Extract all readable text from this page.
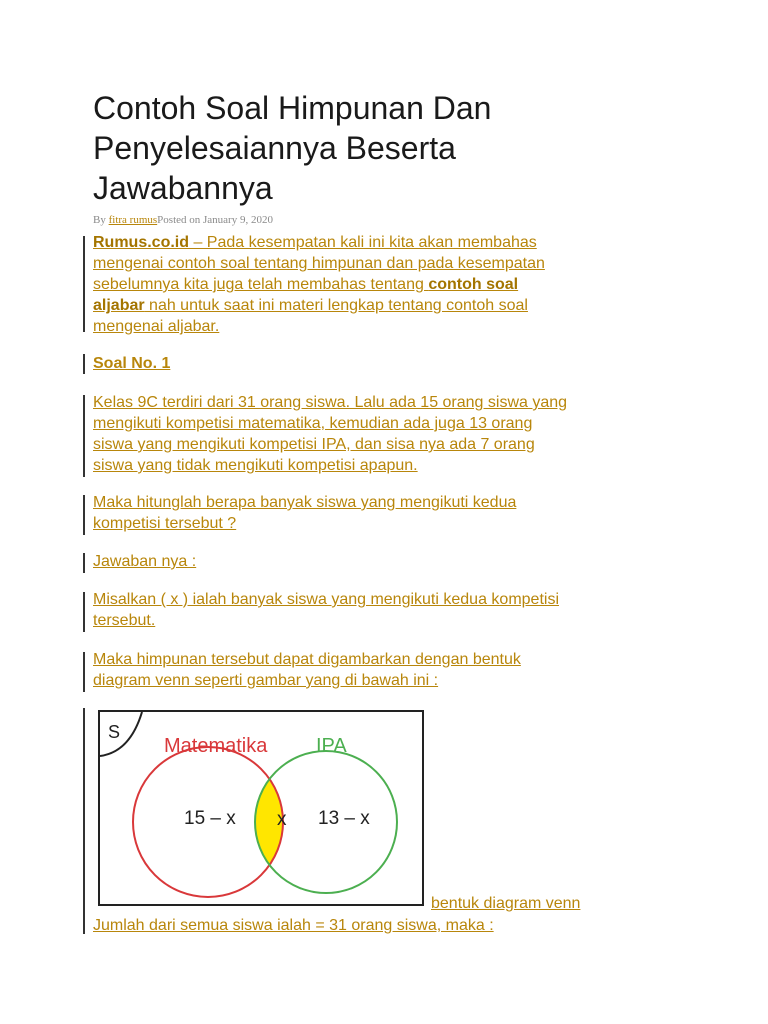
Contoh Soal Himpunan Dan
Penyelesaiannya Beserta
Jawabannya
By fitra rumusPosted on January 9, 2020
Rumus.co.id – Pada kesempatan kali ini kita akan membahas
mengenai contoh soal tentang himpunan dan pada kesempatan
sebelumnya kita juga telah membahas tentang contoh soal
aljabar nah untuk saat ini materi lengkap tentang contoh soal
mengenai aljabar.
Soal No. 1
Kelas 9C terdiri dari 31 orang siswa. Lalu ada 15 orang siswa yang
mengikuti kompetisi matematika, kemudian ada juga 13 orang
siswa yang mengikuti kompetisi IPA, dan sisa nya ada 7 orang
siswa yang tidak mengikuti kompetisi apapun.
Maka hitunglah berapa banyak siswa yang mengikuti kedua
kompetisi tersebut ?
Jawaban nya :
Misalkan ( x ) ialah banyak siswa yang mengikuti kedua kompetisi
tersebut.
Maka himpunan tersebut dapat digambarkan dengan bentuk
diagram venn seperti gambar yang di bawah ini :
S
Matematika IPA
15 – x x 13 – x
bentuk diagram venn
Jumlah dari semua siswa ialah = 31 orang siswa, maka :
